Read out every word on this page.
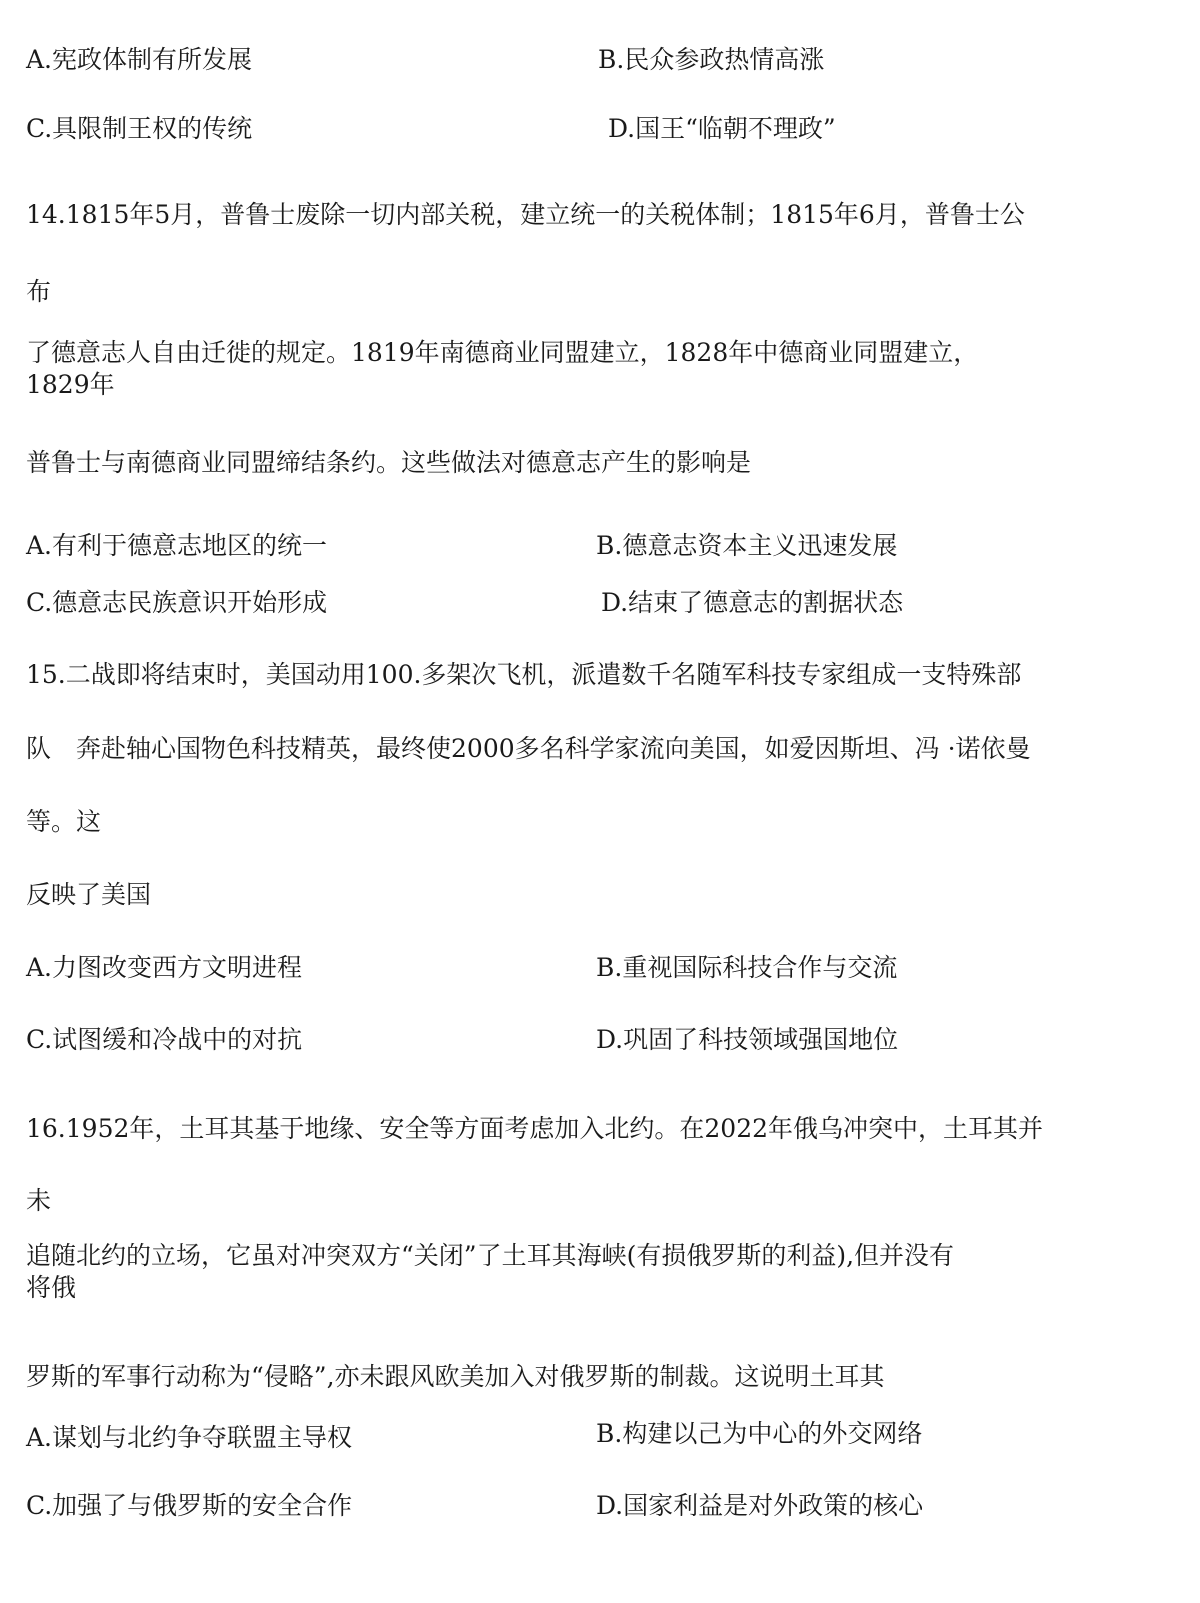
A.宪政体制有所发展	B.民众参政热情高涨
C.具限制王权的传统	D.国王“临朝不理政”
14.1815年5月，普鲁士废除一切内部关税，建立统一的关税体制；1815年6月，普鲁士公
布
了德意志人自由迁徙的规定。1819年南德商业同盟建立，1828年中德商业同盟建立，
1829年
普鲁士与南德商业同盟缔结条约。这些做法对德意志产生的影响是
A.有利于德意志地区的统一	B.德意志资本主义迅速发展
C.德意志民族意识开始形成	D.结束了德意志的割据状态
15.二战即将结束时，美国动用100.多架次飞机，派遣数千名随军科技专家组成一支特殊部
队　奔赴轴心国物色科技精英，最终使2000多名科学家流向美国，如爱因斯坦、冯 ·诺依曼
等。这
反映了美国
A.力图改变西方文明进程	B.重视国际科技合作与交流
C.试图缓和冷战中的对抗	D.巩固了科技领域强国地位
16.1952年，土耳其基于地缘、安全等方面考虑加入北约。在2022年俄乌冲突中，土耳其并
未
追随北约的立场，它虽对冲突双方“关闭”了土耳其海峡(有损俄罗斯的利益),但并没有
将俄
罗斯的军事行动称为“侵略”,亦未跟风欧美加入对俄罗斯的制裁。这说明土耳其
A.谋划与北约争夺联盟主导权	B.构建以己为中心的外交网络
C.加强了与俄罗斯的安全合作	D.国家利益是对外政策的核心
